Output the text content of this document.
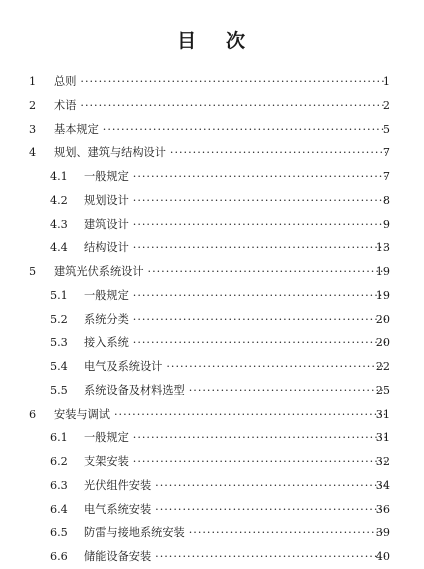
目 次
1 总则 ·····	1
2 术语 ·····	2
3 基本规定 ·····	5
4 规划、建筑与结构设计 ·····	7
4.1 一般规定 ·····	7
4.2 规划设计 ·····	8
4.3 建筑设计 ·····	9
4.4 结构设计 ·····	13
5 建筑光伏系统设计 ·····	19
5.1 一般规定 ·····	19
5.2 系统分类 ·····	20
5.3 接入系统 ·····	20
5.4 电气及系统设计 ·····	22
5.5 系统设备及材料选型 ·····	25
6 安装与调试 ·····	31
6.1 一般规定 ·····	31
6.2 支架安装 ·····	32
6.3 光伏组件安装 ·····	34
6.4 电气系统安装 ·····	36
6.5 防雷与接地系统安装 ·····	39
6.6 储能设备安装 ·····	40
